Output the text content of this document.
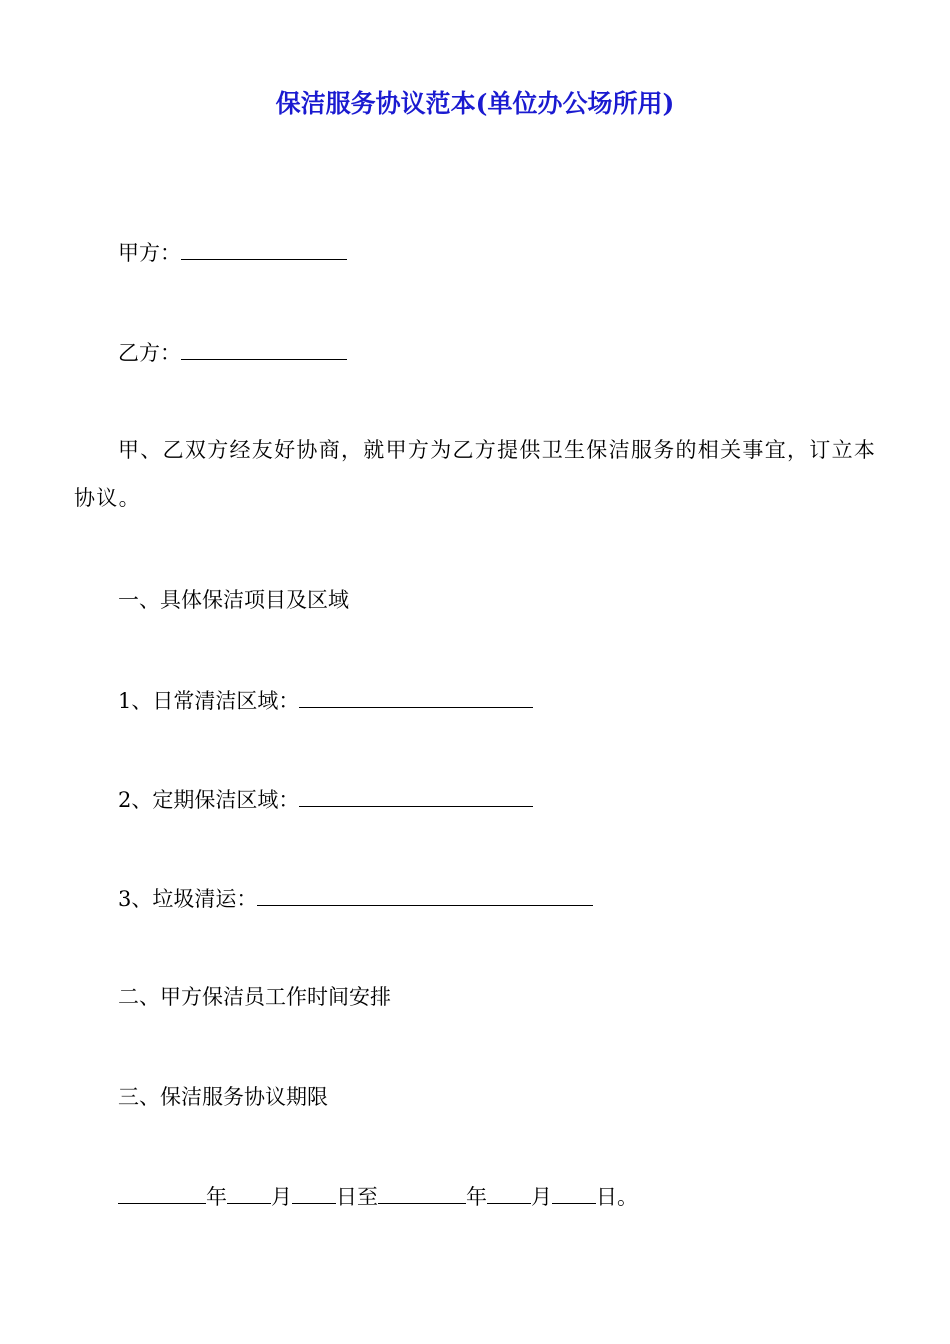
保洁服务协议范本(单位办公场所用)
甲方：
乙方：
甲、乙双方经友好协商，就甲方为乙方提供卫生保洁服务的相关事宜，订立本协议。
一、具体保洁项目及区域
1、日常清洁区域：
2、定期保洁区域：
3、垃圾清运：
二、甲方保洁员工作时间安排
三、保洁服务协议期限
年 月 日至	年 月 日。
